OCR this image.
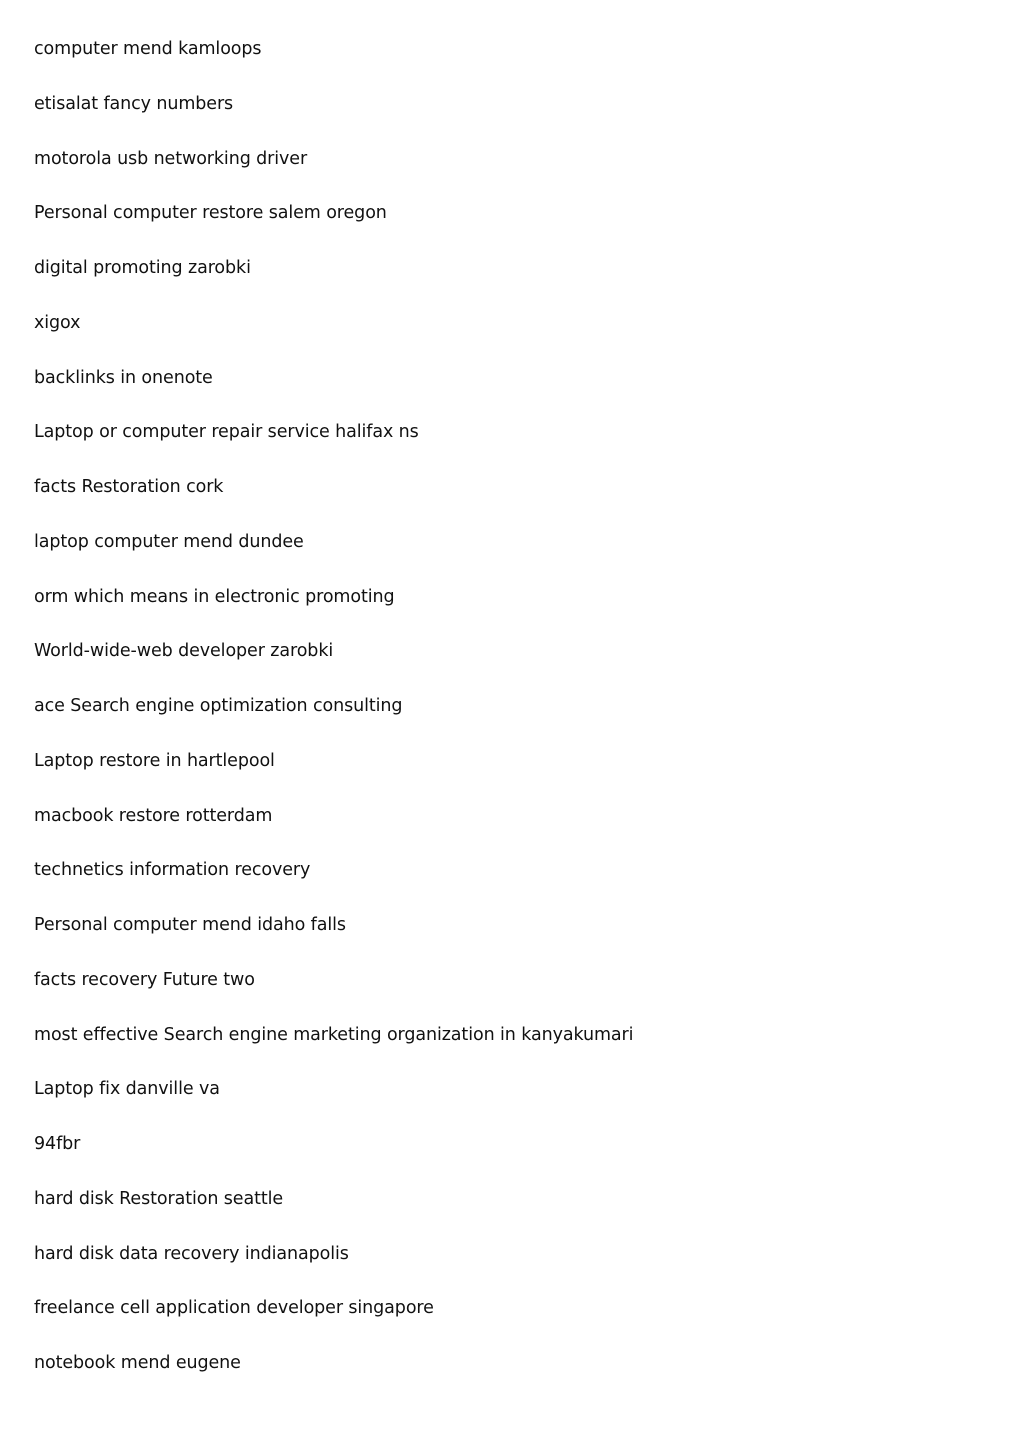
computer mend kamloops
etisalat fancy numbers
motorola usb networking driver
Personal computer restore salem oregon
digital promoting zarobki
xigox
backlinks in onenote
Laptop or computer repair service halifax ns
facts Restoration cork
laptop computer mend dundee
orm which means in electronic promoting
World-wide-web developer zarobki
ace Search engine optimization consulting
Laptop restore in hartlepool
macbook restore rotterdam
technetics information recovery
Personal computer mend idaho falls
facts recovery Future two
most effective Search engine marketing organization in kanyakumari
Laptop fix danville va
94fbr
hard disk Restoration seattle
hard disk data recovery indianapolis
freelance cell application developer singapore
notebook mend eugene
